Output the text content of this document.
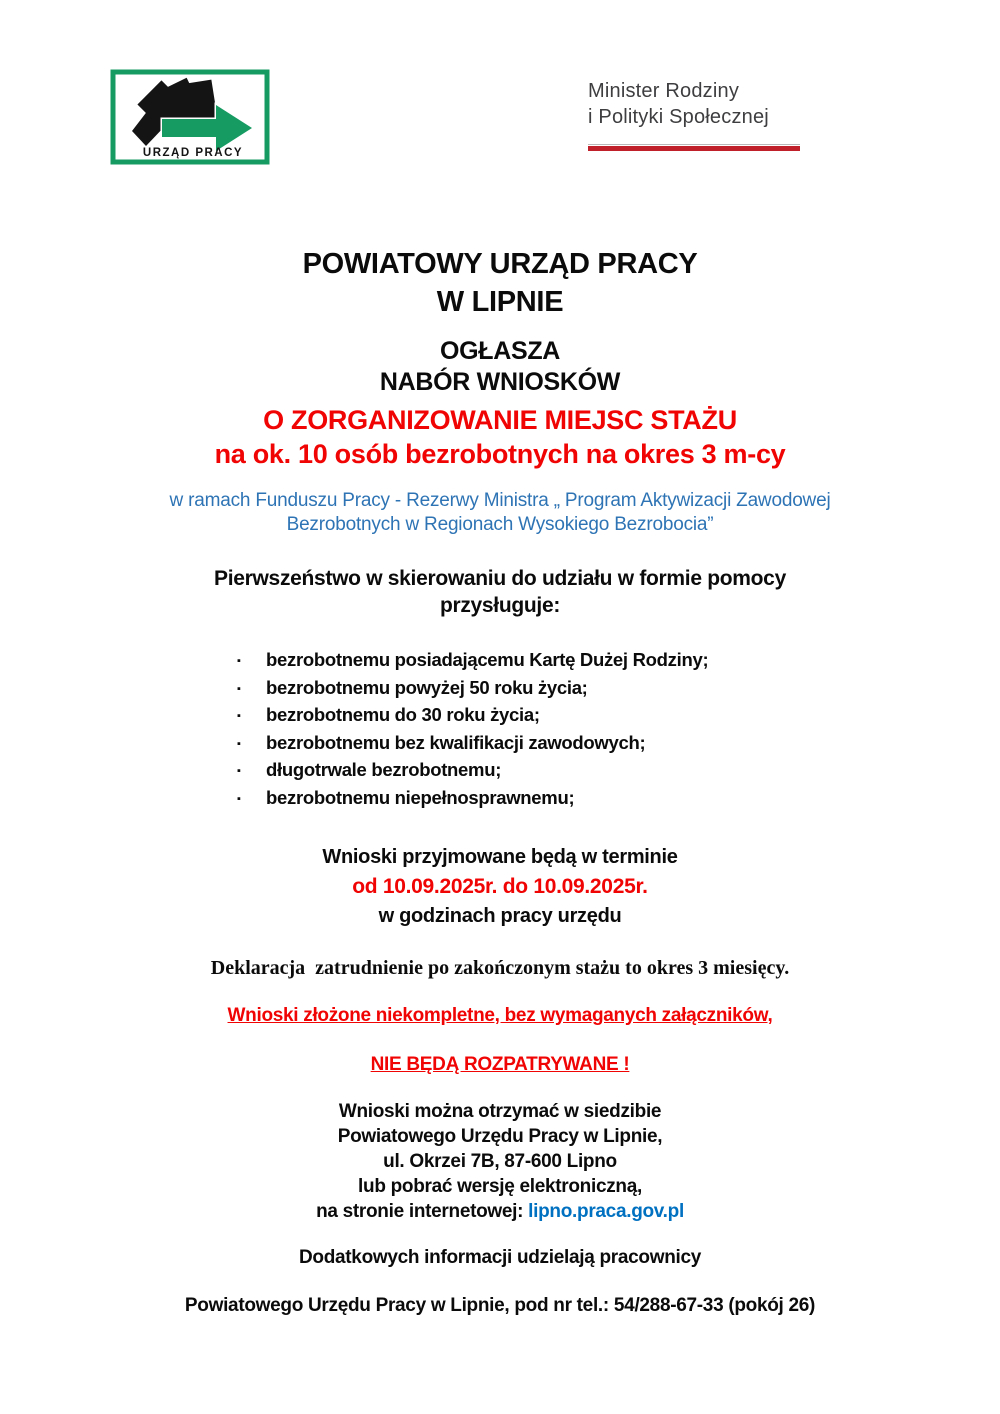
URZĄD PRACY
Minister Rodziny
i Polityki Społecznej
POWIATOWY URZĄD PRACY
W LIPNIE
OGŁASZA
NABÓR WNIOSKÓW
O ZORGANIZOWANIE MIEJSC STAŻU
na ok. 10 osób bezrobotnych na okres 3 m-cy
w ramach Funduszu Pracy - Rezerwy Ministra „ Program Aktywizacji Zawodowej
Bezrobotnych w Regionach Wysokiego Bezrobocia”
Pierwszeństwo w skierowaniu do udziału w formie pomocy
przysługuje:
▪	bezrobotnemu posiadającemu Kartę Dużej Rodziny;
▪	bezrobotnemu powyżej 50 roku życia;
▪	bezrobotnemu do 30 roku życia;
▪	bezrobotnemu bez kwalifikacji zawodowych;
▪	długotrwale bezrobotnemu;
▪	bezrobotnemu niepełnosprawnemu;
Wnioski przyjmowane będą w terminie
od 10.09.2025r. do 10.09.2025r.
w godzinach pracy urzędu
Deklaracja  zatrudnienie po zakończonym stażu to okres 3 miesięcy.
Wnioski złożone niekompletne, bez wymaganych załączników,
NIE BĘDĄ ROZPATRYWANE !
Wnioski można otrzymać w siedzibie
Powiatowego Urzędu Pracy w Lipnie,
ul. Okrzei 7B, 87-600 Lipno
lub pobrać wersję elektroniczną,
na stronie internetowej: lipno.praca.gov.pl
Dodatkowych informacji udzielają pracownicy
Powiatowego Urzędu Pracy w Lipnie, pod nr tel.: 54/288-67-33 (pokój 26)
